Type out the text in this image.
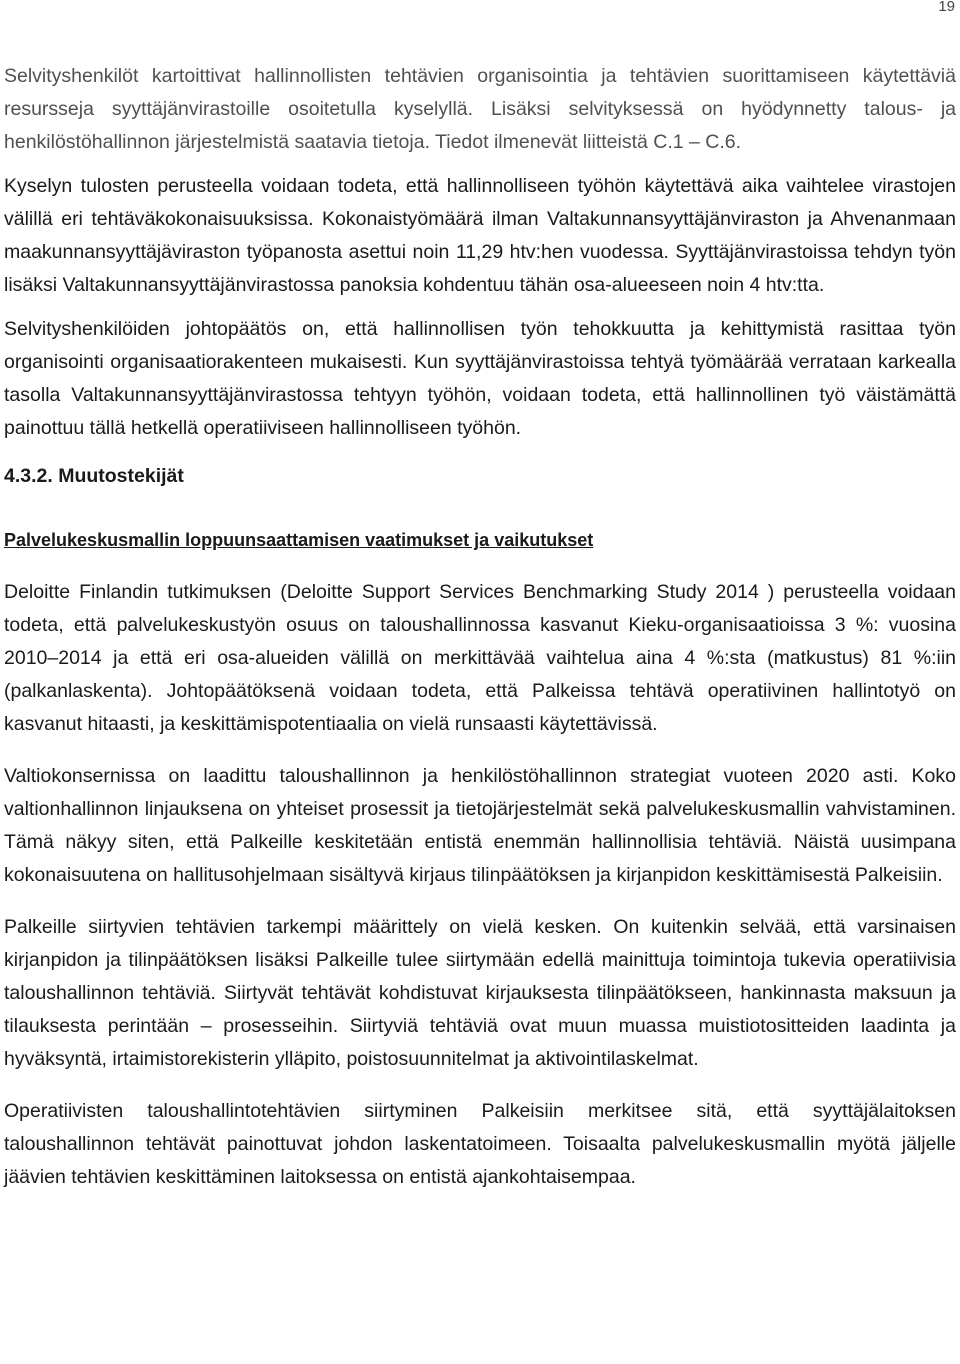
19

Selvityshenkilöt kartoittivat hallinnollisten tehtävien organisointia ja tehtävien suorittamiseen käytettäviä resursseja syyttäjänvirastoille osoitetulla kyselyllä. Lisäksi selvityksessä on hyödynnetty talous- ja henkilöstöhallinnon järjestelmistä saatavia tietoja. Tiedot ilmenevät liitteistä C.1 – C.6.

Kyselyn tulosten perusteella voidaan todeta, että hallinnolliseen työhön käytettävä aika vaihtelee virastojen välillä eri tehtäväkokonaisuuksissa. Kokonaistyömäärä ilman Valtakunnansyyttäjänviraston ja Ahvenanmaan maakunnansyyttäjäviraston työpanosta asettui noin 11,29 htv:hen vuodessa. Syyttäjänvirastoissa tehdyn työn lisäksi Valtakunnansyyttäjänvirastossa panoksia kohdentuu tähän osa-alueeseen noin 4 htv:tta.

Selvityshenkilöiden johtopäätös on, että hallinnollisen työn tehokkuutta ja kehittymistä rasittaa työn organisointi organisaatiorakenteen mukaisesti. Kun syyttäjänvirastoissa tehtyä työmäärää verrataan karkealla tasolla Valtakunnansyyttäjänvirastossa tehtyyn työhön, voidaan todeta, että hallinnollinen työ väistämättä painottuu tällä hetkellä operatiiviseen hallinnolliseen työhön.

4.3.2. Muutostekijät
Palvelukeskusmallin loppuunsaattamisen vaatimukset ja vaikutukset

Deloitte Finlandin tutkimuksen (Deloitte Support Services Benchmarking Study 2014 ) perusteella voidaan todeta, että palvelukeskustyön osuus on taloushallinnossa kasvanut Kieku-organisaatioissa 3 %: vuosina 2010–2014 ja että eri osa-alueiden välillä on merkittävää vaihtelua aina 4 %:sta (matkustus) 81 %:iin (palkanlaskenta). Johtopäätöksenä voidaan todeta, että Palkeissa tehtävä operatiivinen hallintotyö on kasvanut hitaasti, ja keskittämispotentiaalia on vielä runsaasti käytettävissä.

Valtiokonsernissa on laadittu taloushallinnon ja henkilöstöhallinnon strategiat vuoteen 2020 asti. Koko valtionhallinnon linjauksena on yhteiset prosessit ja tietojärjestelmät sekä palvelukeskusmallin vahvistaminen. Tämä näkyy siten, että Palkeille keskitetään entistä enemmän hallinnollisia tehtäviä. Näistä uusimpana kokonaisuutena on hallitusohjelmaan sisältyvä kirjaus tilinpäätöksen ja kirjanpidon keskittämisestä Palkeisiin.

Palkeille siirtyvien tehtävien tarkempi määrittely on vielä kesken. On kuitenkin selvää, että varsinaisen kirjanpidon ja tilinpäätöksen lisäksi Palkeille tulee siirtymään edellä mainittuja toimintoja tukevia operatiivisia taloushallinnon tehtäviä. Siirtyvät tehtävät kohdistuvat kirjauksesta tilinpäätökseen, hankinnasta maksuun ja tilauksesta perintään – prosesseihin. Siirtyviä tehtäviä ovat muun muassa muistiotositteiden laadinta ja hyväksyntä, irtaimistorekisterin ylläpito, poistosuunnitelmat ja aktivointilaskelmat.

Operatiivisten taloushallintotehtävien siirtyminen Palkeisiin merkitsee sitä, että syyttäjälaitoksen taloushallinnon tehtävät painottuvat johdon laskentatoimeen. Toisaalta palvelukeskusmallin myötä jäljelle jäävien tehtävien keskittäminen laitoksessa on entistä ajankohtaisempaa.
